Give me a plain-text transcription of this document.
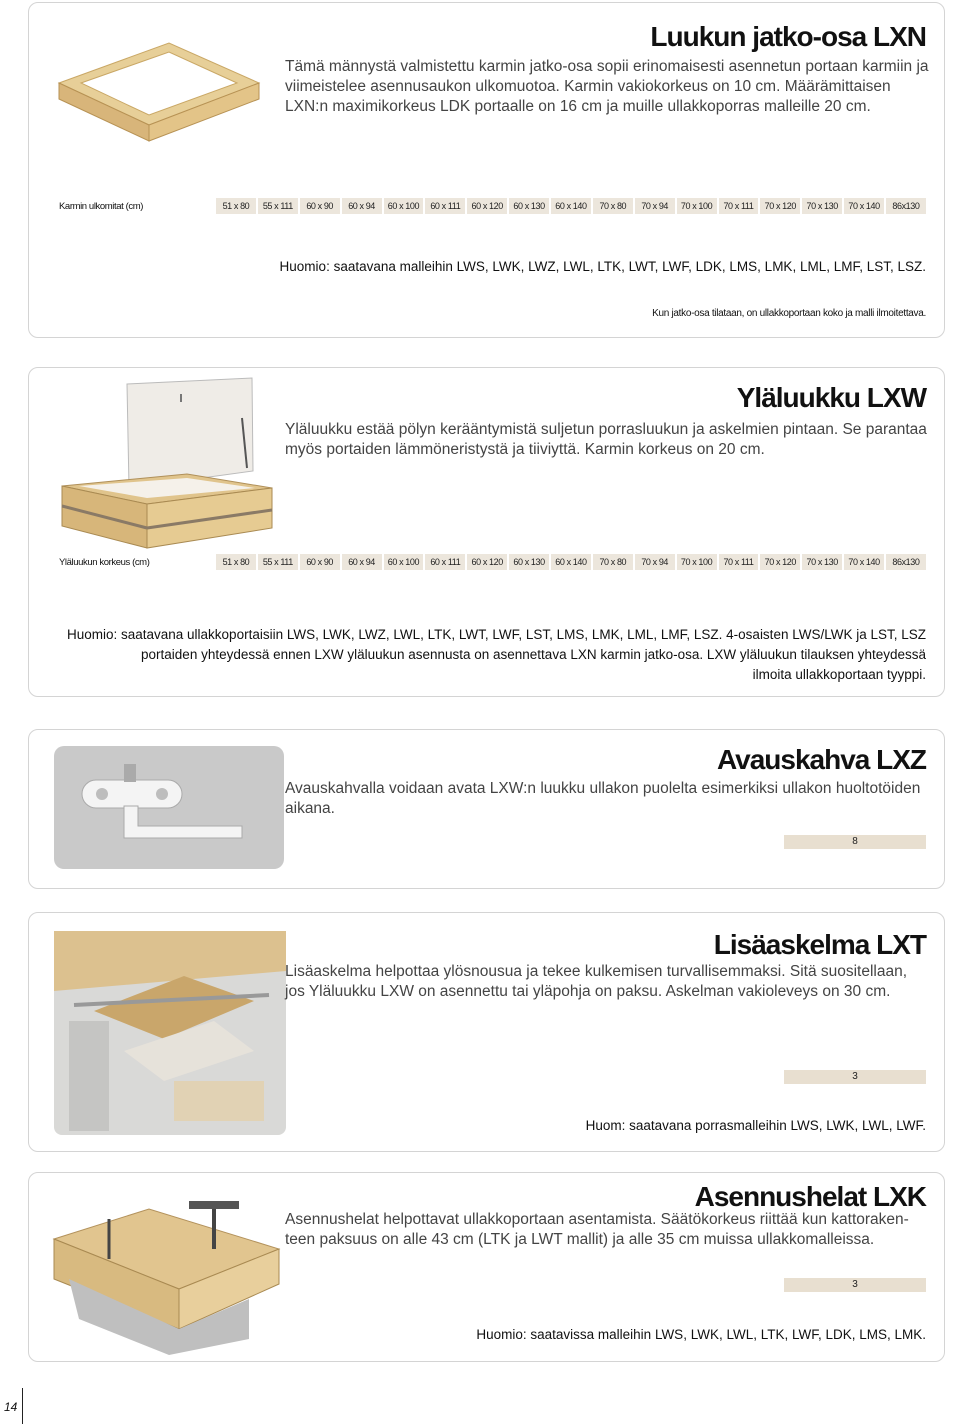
Luukun jatko-osa LXN
Tämä männystä valmistettu karmin jatko-osa sopii erinomaisesti asennetun portaan karmiin ja viimeistelee asennusaukon ulkomuotoa. Karmin vakiokorkeus on 10 cm. Määrämittaisen LXN:n maximikorkeus LDK portaalle on 16 cm ja muille ullakkoporras malleille 20 cm.
Karmin ulkomitat (cm)	51 x 80	55 x 111	60 x 90	60 x 94	60 x 100	60 x 111	60 x 120	60 x 130	60 x 140	70 x 80	70 x 94	70 x 100	70 x 111	70 x 120	70 x 130	70 x 140	86x130
Huomio: saatavana malleihin LWS, LWK, LWZ, LWL, LTK, LWT, LWF, LDK, LMS, LMK, LML, LMF, LST, LSZ.
Kun jatko-osa tilataan, on ullakkoportaan koko ja malli ilmoitettava.
Yläluukku LXW
Yläluukku estää pölyn kerääntymistä suljetun porrasluukun ja askelmien pintaan. Se parantaa myös portaiden lämmöneristystä ja tiiviyttä. Karmin korkeus on 20 cm.
Yläluukun korkeus (cm)	51 x 80	55 x 111	60 x 90	60 x 94	60 x 100	60 x 111	60 x 120	60 x 130	60 x 140	70 x 80	70 x 94	70 x 100	70 x 111	70 x 120	70 x 130	70 x 140	86x130
Huomio: saatavana ullakkoportaisiin LWS, LWK, LWZ, LWL, LTK, LWT, LWF, LST, LMS, LMK, LML, LMF, LSZ. 4-osaisten LWS/LWK ja LST, LSZ
portaiden yhteydessä ennen LXW yläluukun asennusta on asennettava LXN karmin jatko-osa. LXW yläluukun tilauksen yhteydessä
ilmoita ullakkoportaan tyyppi.
Avauskahva LXZ
Avauskahvalla voidaan avata LXW:n luukku ullakon puolelta esimerkiksi ullakon huoltotöiden aikana.
8
Lisäaskelma LXT
Lisäaskelma helpottaa ylösnousua ja tekee kulkemisen turvallisemmaksi. Sitä suositellaan, jos Yläluukku LXW on asennettu tai yläpohja on paksu. Askelman vakioleveys on 30 cm.
3
Huom: saatavana porrasmalleihin LWS, LWK, LWL, LWF.
Asennushelat LXK
Asennushelat helpottavat ullakkoportaan asentamista. Säätökorkeus riittää kun kattoraken-
teen paksuus on alle 43 cm (LTK ja LWT mallit) ja alle 35 cm muissa ullakkomalleissa.
3
Huomio: saatavissa malleihin LWS, LWK, LWL, LTK, LWF, LDK, LMS, LMK.
14
